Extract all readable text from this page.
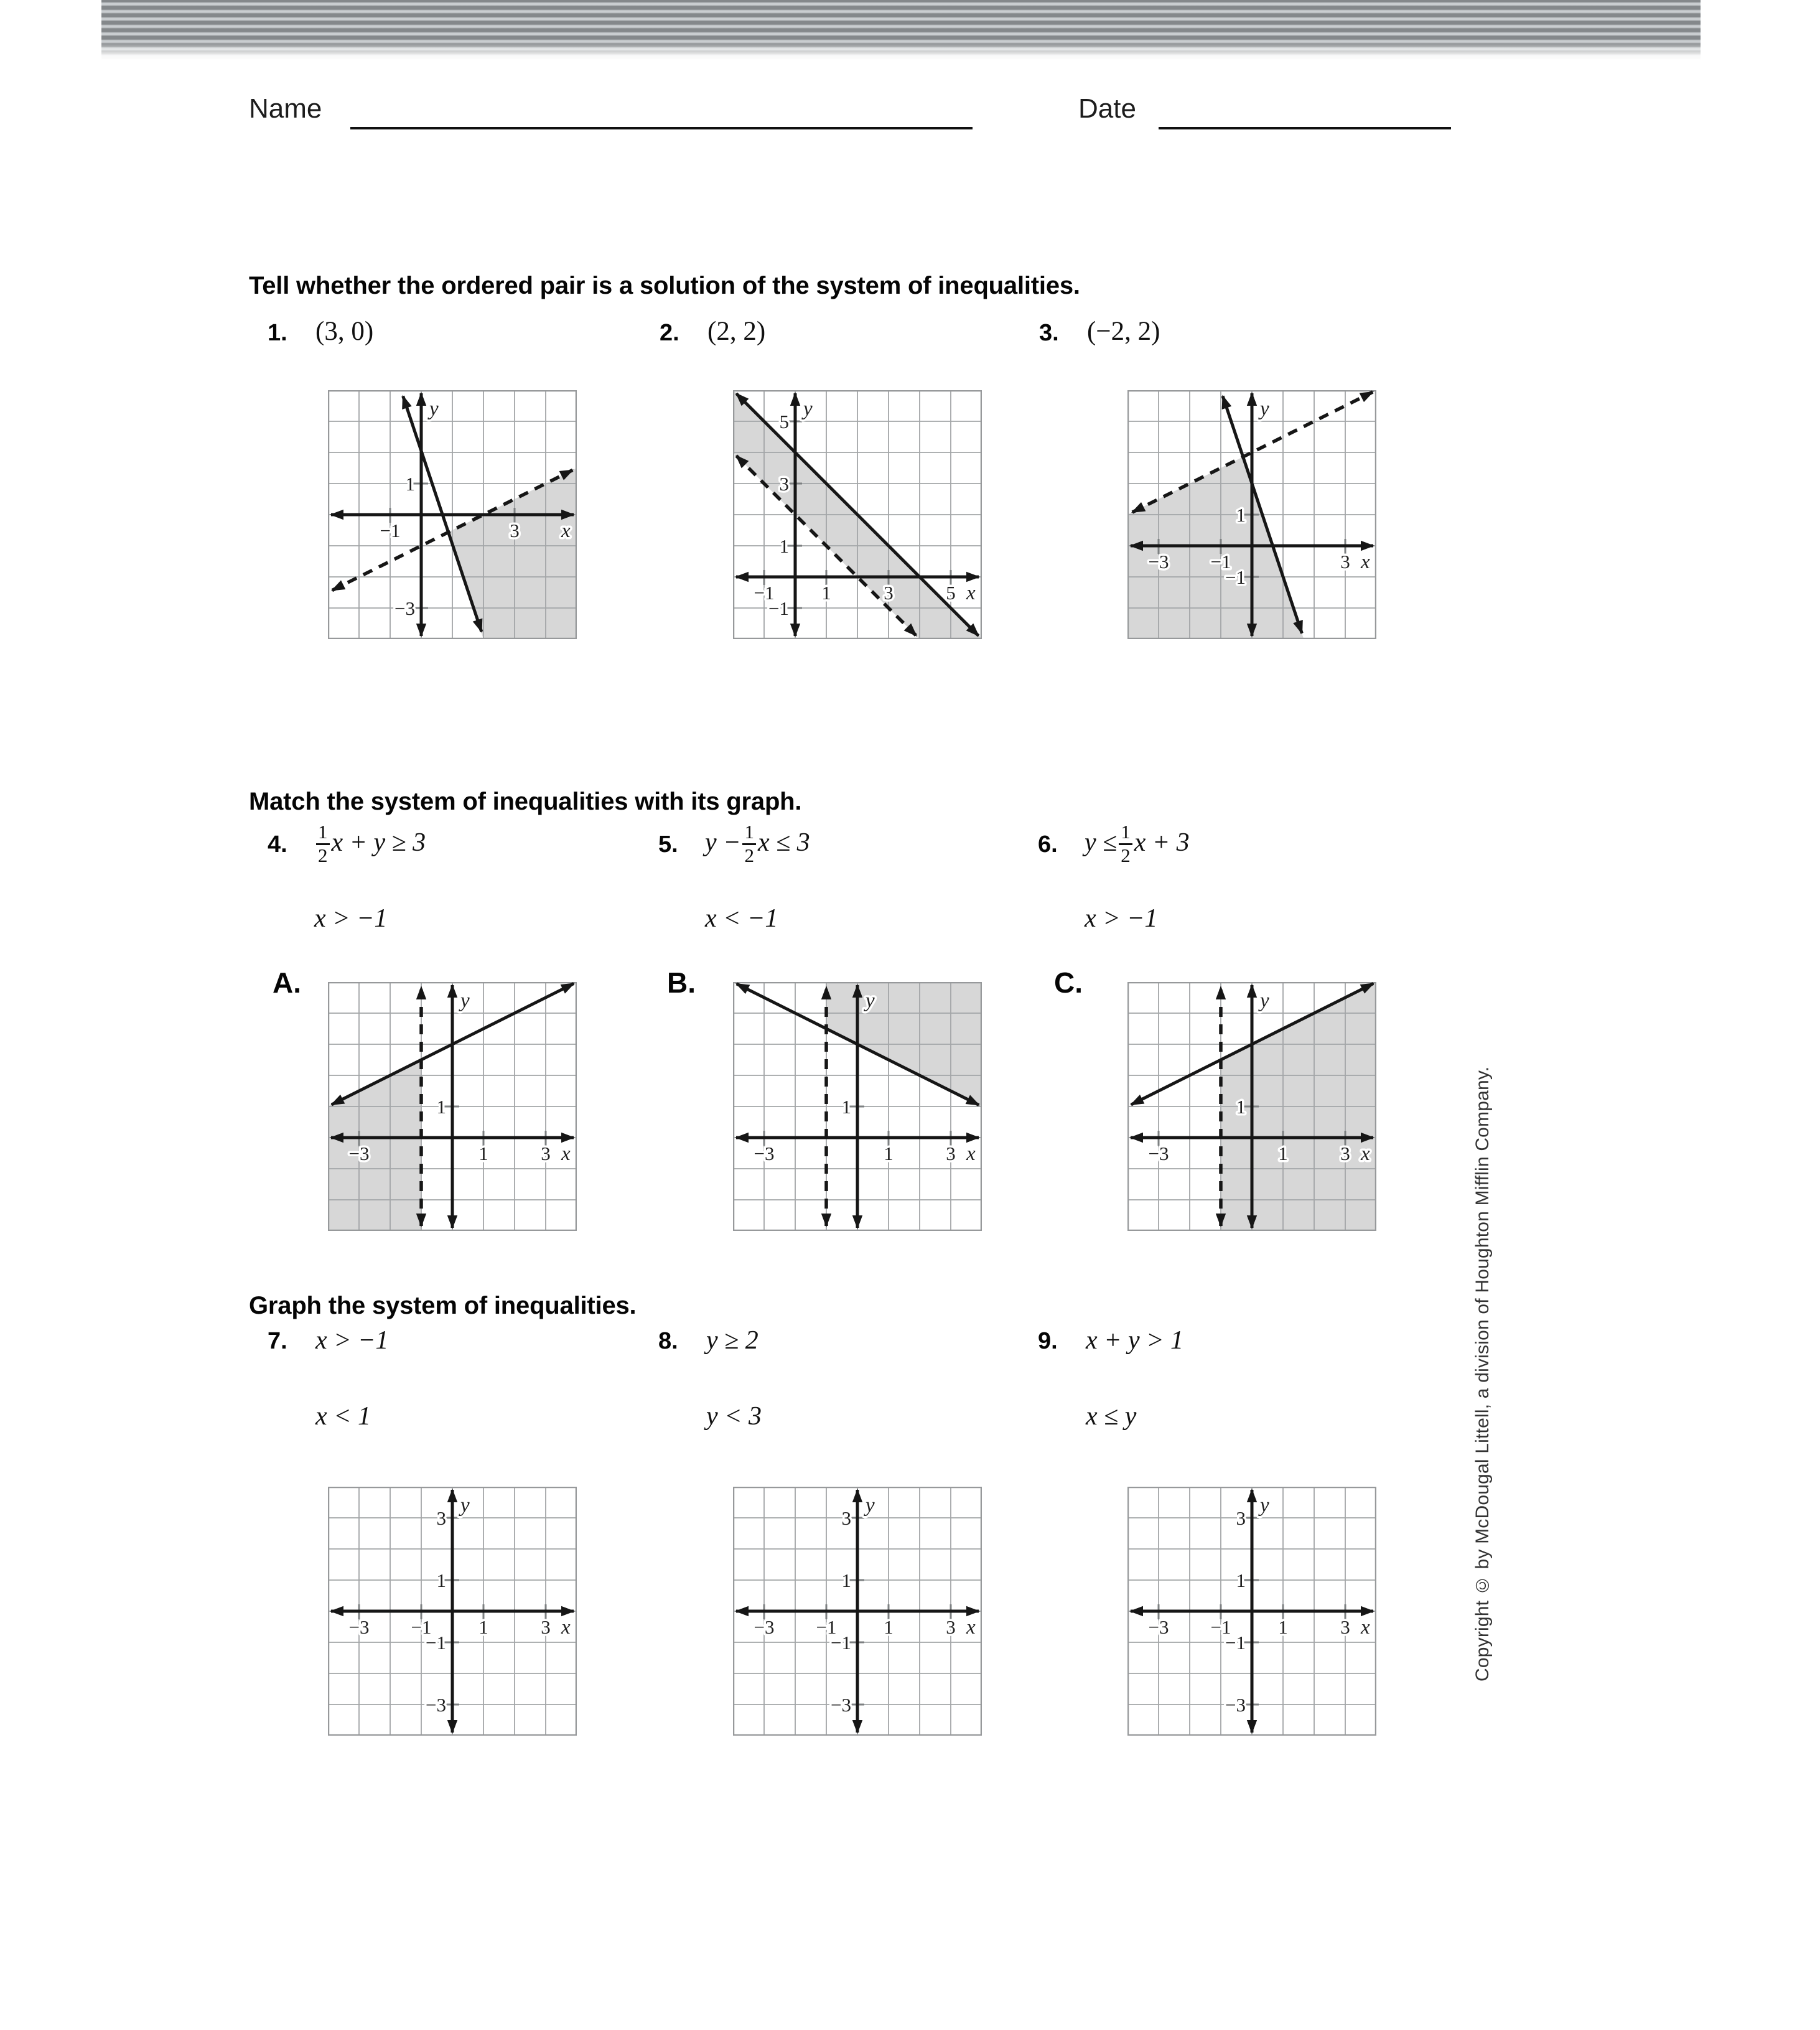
Name	Date
Tell whether the ordered pair is a solution of the system of inequalities.
1. (3, 0)	2. (2, 2)	3. (−2, 2)
−1	3
1
−3
x
y
−1 1	3	5
5
3
1
−1
x
y
−3 −1	3
1
−1
x
y
Match the system of inequalities with its graph.
4. $\frac{1}{2}$ x + y ≥ 3
x > −1
5. $y - \frac{1}{2}$ x ≤ 3
x < −1
6. $y \le \frac{1}{2}$ x + 3
x > −1
A.	B.	C.
−3	1	3
1
x
y
−3	1	3
1
x
y
−3	1	3
1
x
y
Graph the system of inequalities.
7. x > −1
x < 1
8. y ≥ 2
y < 3
9. x + y > 1
x ≤ y
−3 −1 1	3
3
1
−1
−3
x
y
−3 −1 1	3
3
1
−1
−3
x
y
−3 −1 1	3
3
1
−1
−3
x
y	Copyright © by McDougal Littell, a division of Houghton Mifflin Company.
